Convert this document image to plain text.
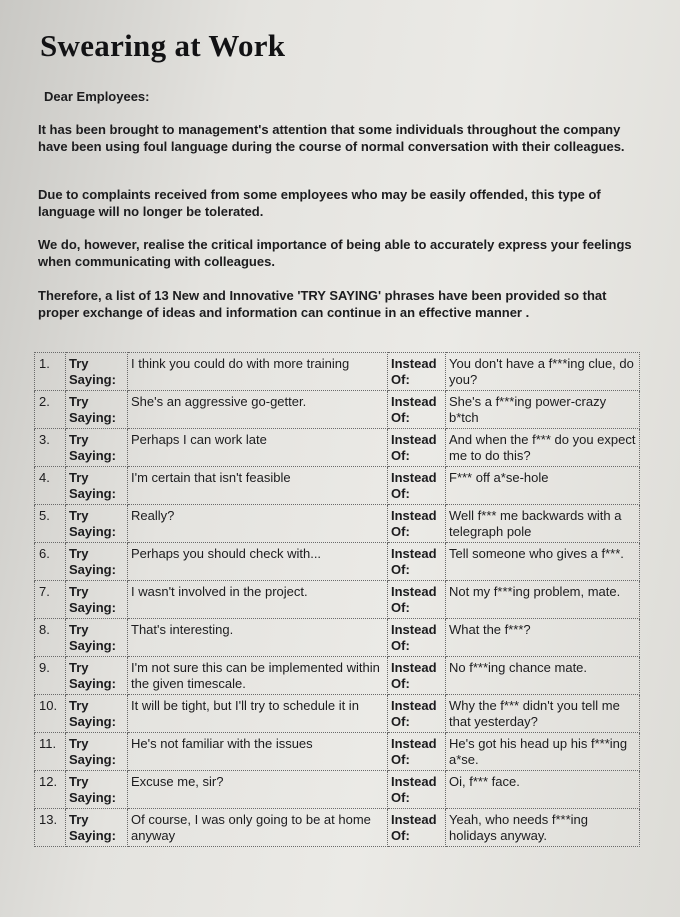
Swearing at Work
Dear Employees:
It has been brought to management's attention that some individuals throughout the company have been using foul language during the course of normal conversation with their colleagues.
Due to complaints received from some employees who may be easily offended, this type of language will no longer be tolerated.
We do, however, realise the critical importance of being able to accurately express your feelings when communicating with colleagues.
Therefore, a list of 13 New and Innovative 'TRY SAYING' phrases have been provided so that proper exchange of ideas and information can continue in an effective manner .
1.	Try Saying:	I think you could do with more training	Instead Of:	You don't have a f***ing clue, do you?
2.	Try Saying:	She's an aggressive go-getter.	Instead Of:	She's a f***ing power-crazy b*tch
3.	Try Saying:	Perhaps I can work late	Instead Of:	And when the f*** do you expect me to do this?
4.	Try Saying:	I'm certain that isn't feasible	Instead Of:	F*** off a*se-hole
5.	Try Saying:	Really?	Instead Of:	Well f*** me backwards with a telegraph pole
6.	Try Saying:	Perhaps you should check with...	Instead Of:	Tell someone who gives a f***.
7.	Try Saying:	I wasn't involved in the project.	Instead Of:	Not my f***ing problem, mate.
8.	Try Saying:	That's interesting.	Instead Of:	What the f***?
9.	Try Saying:	I'm not sure this can be implemented within the given timescale.	Instead Of:	No f***ing chance mate.
10.	Try Saying:	It will be tight, but I'll try to schedule it in	Instead Of:	Why the f*** didn't you tell me that yesterday?
11.	Try Saying:	He's not familiar with the issues	Instead Of:	He's got his head up his f***ing a*se.
12.	Try Saying:	Excuse me, sir?	Instead Of:	Oi, f*** face.
13.	Try Saying:	Of course, I was only going to be at home anyway	Instead Of:	Yeah, who needs f***ing holidays anyway.
